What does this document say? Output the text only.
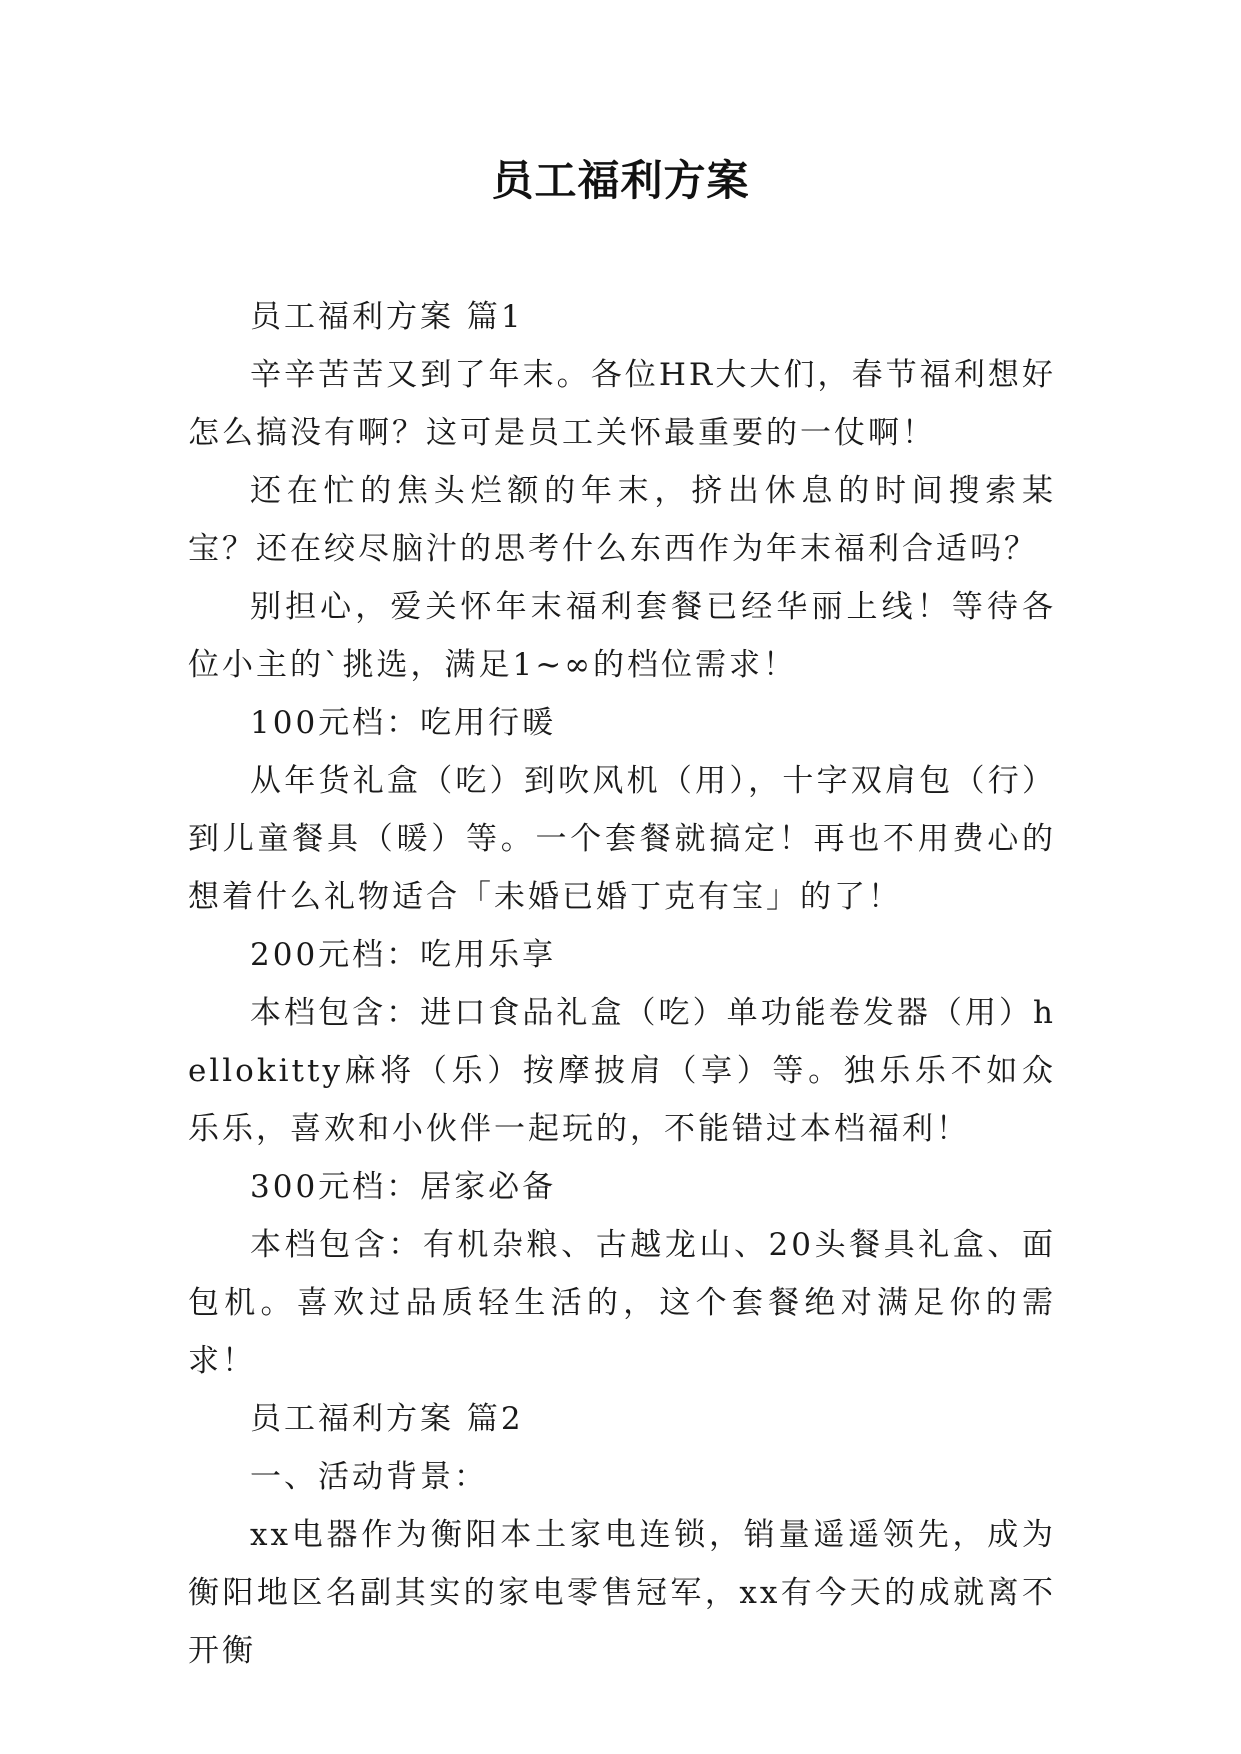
员工福利方案

员工福利方案 篇1

辛辛苦苦又到了年末。各位HR大大们，春节福利想好怎么搞没有啊？这可是员工关怀最重要的一仗啊！

还在忙的焦头烂额的年末，挤出休息的时间搜索某宝？还在绞尽脑汁的思考什么东西作为年末福利合适吗？

别担心，爱关怀年末福利套餐已经华丽上线！等待各位小主的`挑选，满足1~∞的档位需求！

100元档：吃用行暖

从年货礼盒（吃）到吹风机（用），十字双肩包（行）到儿童餐具（暖）等。一个套餐就搞定！再也不用费心的想着什么礼物适合「未婚已婚丁克有宝」的了！

200元档：吃用乐享

本档包含：进口食品礼盒（吃）单功能卷发器（用）hellokitty麻将（乐）按摩披肩（享）等。独乐乐不如众乐乐，喜欢和小伙伴一起玩的，不能错过本档福利！

300元档：居家必备

本档包含：有机杂粮、古越龙山、20头餐具礼盒、面包机。喜欢过品质轻生活的，这个套餐绝对满足你的需求！

员工福利方案 篇2

一、活动背景：

xx电器作为衡阳本土家电连锁，销量遥遥领先，成为衡阳地区名副其实的家电零售冠军，xx有今天的成就离不开衡
